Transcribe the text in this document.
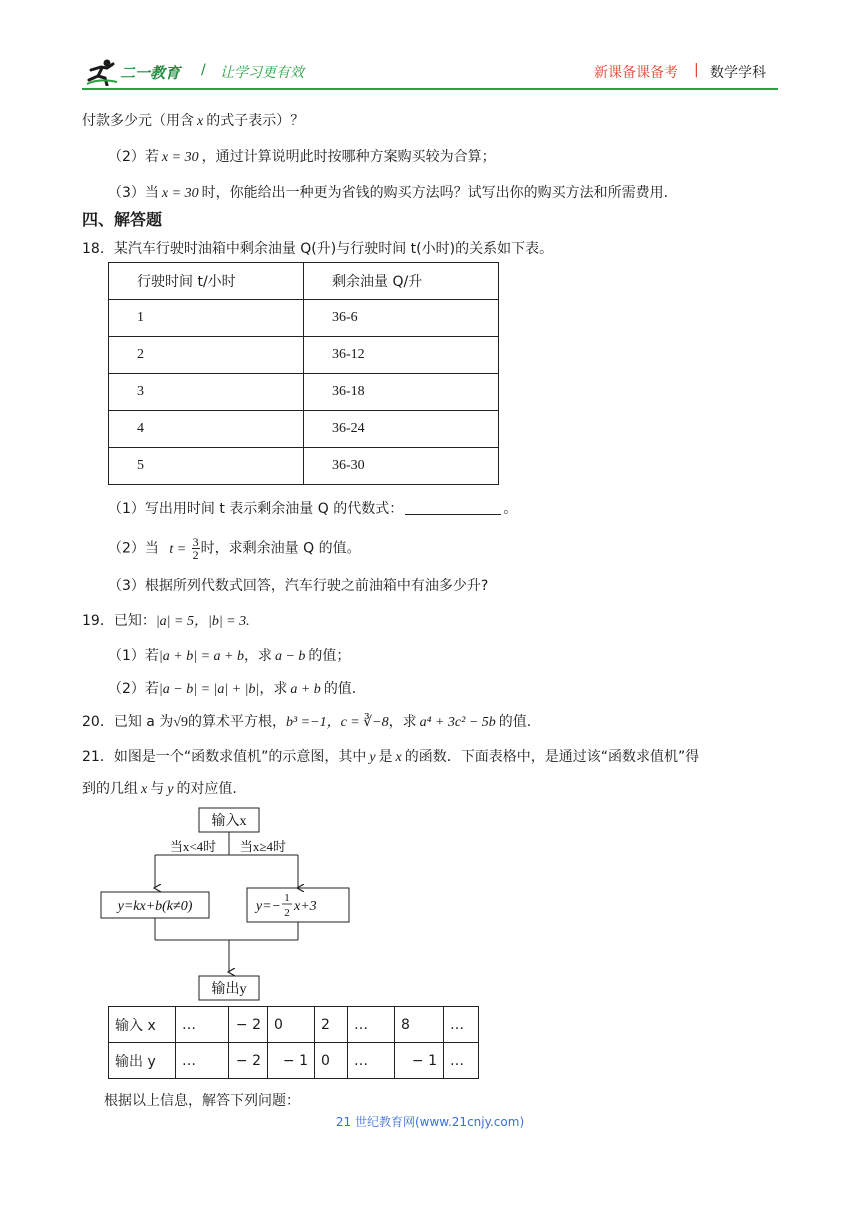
二一教育 / 让学习更有效	新课备课备考 | 数学学科
付款多少元（用含 x 的式子表示）？
（2）若 x = 30 ，通过计算说明此时按哪种方案购买较为合算；
（3）当 x = 30 时，你能给出一种更为省钱的购买方法吗？试写出你的购买方法和所需费用.
四、解答题
18．某汽车行驶时油箱中剩余油量 Q(升)与行驶时间 t(小时)的关系如下表。
行驶时间 t/小时	剩余油量 Q/升
1	36-6
2	36-12
3	36-18
4	36-24
5	36-30
（1）写出用时间 t 表示剩余油量 Q 的代数式：	。
（2）当 $t = \frac{3}{2}$ 时，求剩余油量 Q 的值。
（3）根据所列代数式回答，汽车行驶之前油箱中有油多少升?
19．已知：|a| = 5，|b| = 3.
（1）若|a + b| = a + b，求 a − b 的值；
（2）若|a − b| = |a| + |b|，求 a + b 的值.
20．已知 a 为√9的算术平方根，b³ =−1，c = ∛−8，求 a⁴ + 3c² − 5b 的值.
21．如图是一个“函数求值机”的示意图，其中 y 是 x 的函数．下面表格中，是通过该“函数求值机”得
到的几组 x 与 y 的对应值.
输入x
当x<4时 当x≥4时
y=kx+b(k≠0)	y=−
1
2 x+3
输出y
输入 x	…	− 2	0	2	…	8	…
输出 y	…	− 2	− 1	0	…	− 1	…
根据以上信息，解答下列问题：
21 世纪教育网(www.21cnjy.com)
